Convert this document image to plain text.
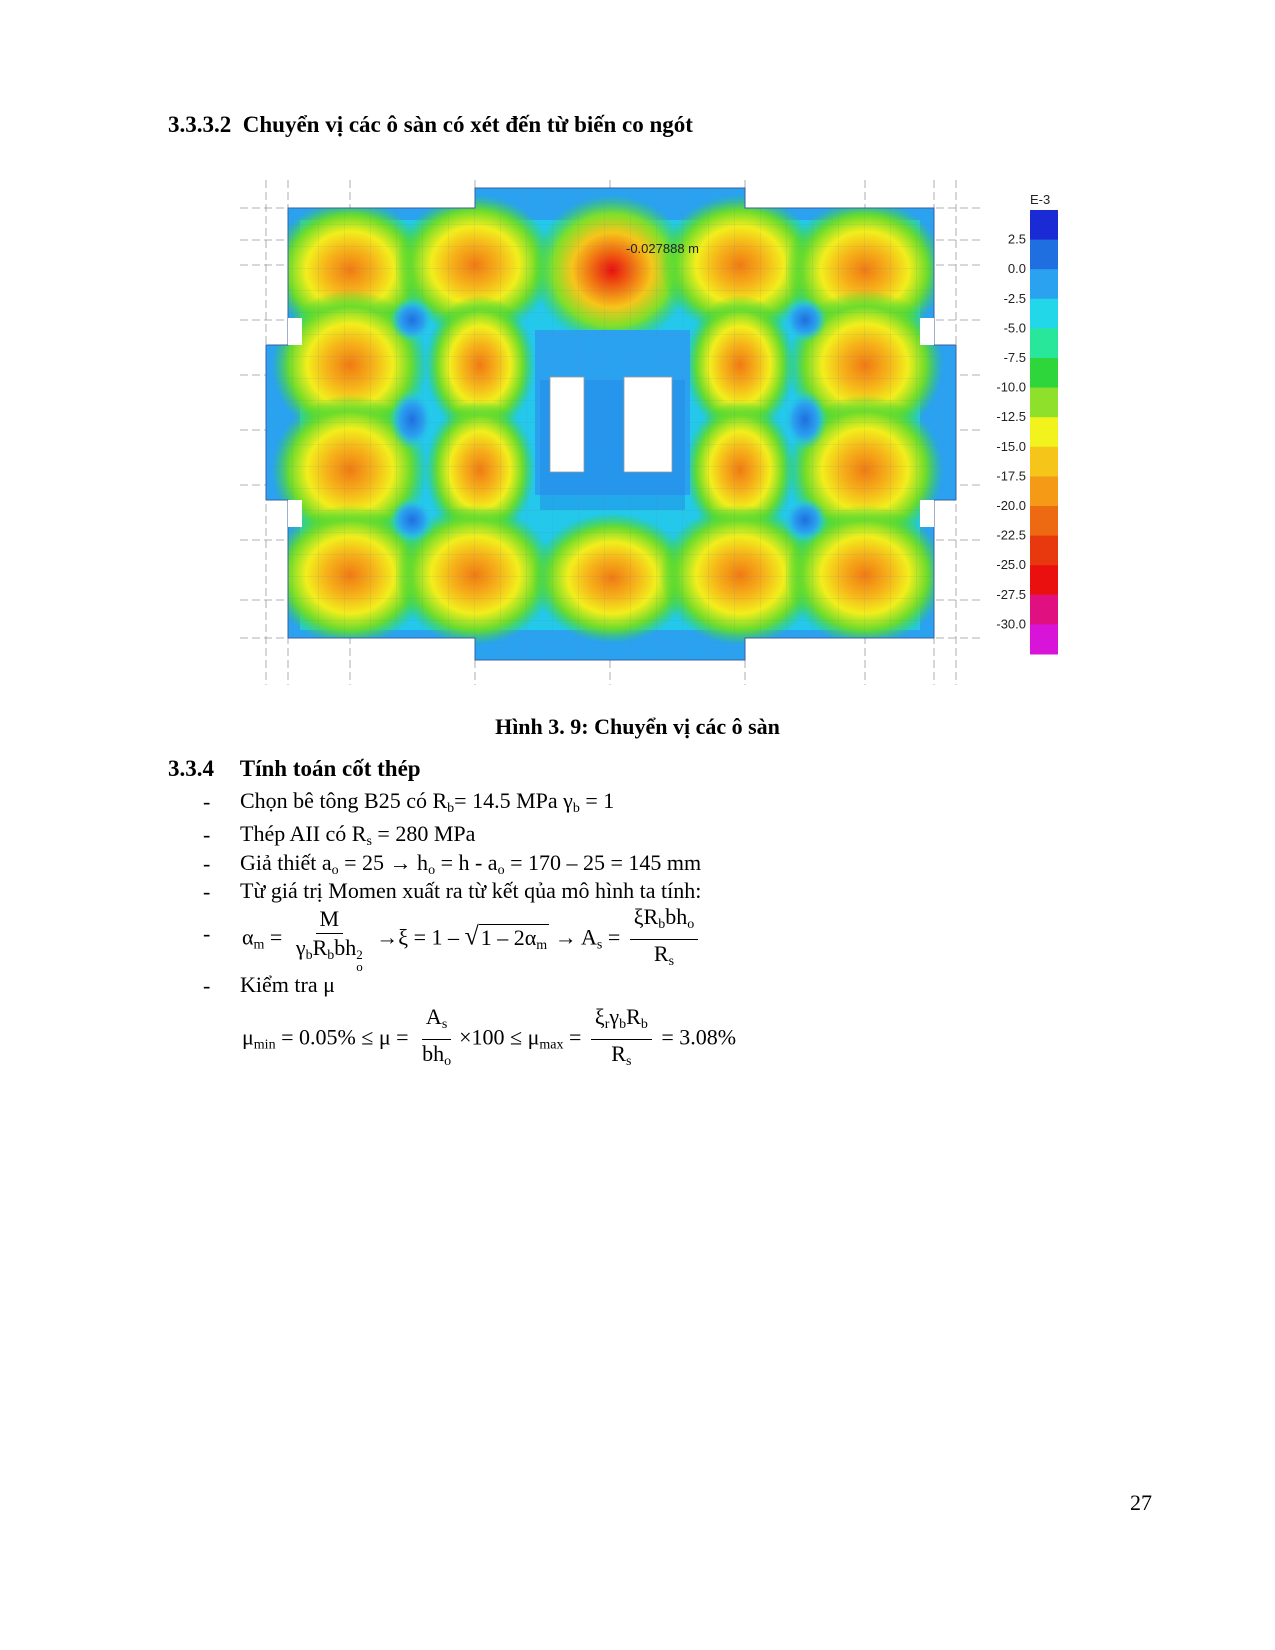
3.3.3.2 Chuyển vị các ô sàn có xét đến từ biến co ngót
-0.027888 m
E-3
2.5
0.0
-2.5
-5.0
-7.5
-10.0
-12.5
-15.0
-17.5
-20.0
-22.5
-25.0
-27.5
-30.0
Hình 3. 9: Chuyển vị các ô sàn
3.3.4 Tính toán cốt thép
- Chọn bê tông B25 có $R_b= 14.5$ MPa $\gamma_b = 1$
- Thép AII có $R_s = 280$ MPa
- Giả thiết $a_o = 25 \to h_o = h - a_o = 170 - 25 = 145$ mm
- Từ giá trị Momen xuất ra từ kết qủa mô hình ta tính:
- $\alpha_m = M$
$\gamma_bR_bbh$ 2
$o \to\xi = 1 - √1 - 2\alpha_m \to A_s = \frac{\xi R_bbh_o}{R_s}$
- Kiểm tra μ
$\mu_{min} = 0.05\% \le \mu = \frac{A_s}{bh_o} \times 100 \le \mu_{max} = \frac{\xi_r\gamma_bR_b}{R_s} = 3.08\%$
27
